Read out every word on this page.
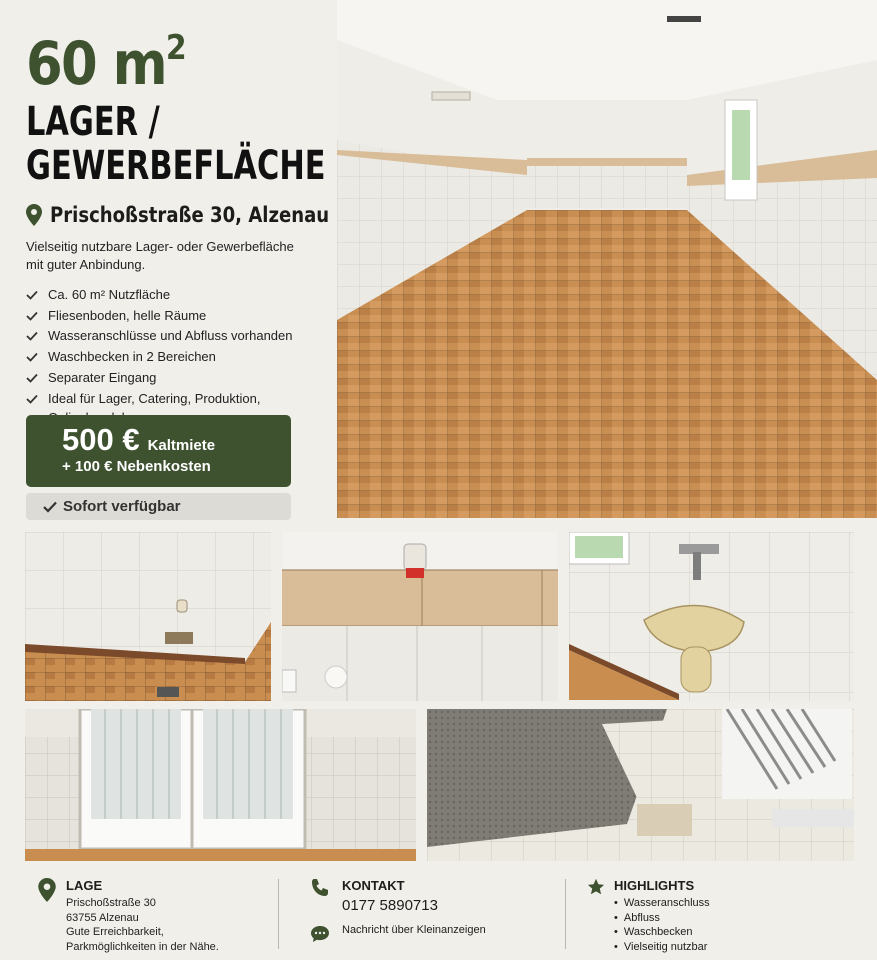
60 $m^2$
LAGER /
GEWERBEFLÄCHE
Prischoßstraße 30, Alzenau

Vielseitig nutzbare Lager- oder Gewerbefläche mit guter Anbindung.

Ca. 60 m² Nutzfläche
Fliesenboden, helle Räume
Wasseranschlüsse und Abfluss vorhanden
Waschbecken in 2 Bereichen
Separater Eingang
Ideal für Lager, Catering, Produktion,
500 € Kaltmiete
+ 100 € Nebenkosten
Sofort verfügbar
LAGE
Prischoßstraße 30
63755 Alzenau
Gute Erreichbarkeit,
Parkmöglichkeiten in der Nähe.
KONTAKT
0177 5890713
Nachricht über Kleinanzeigen
HIGHLIGHTS
• Wasseranschluss
• Abfluss
• Waschbecken
• Vielseitig nutzbar
